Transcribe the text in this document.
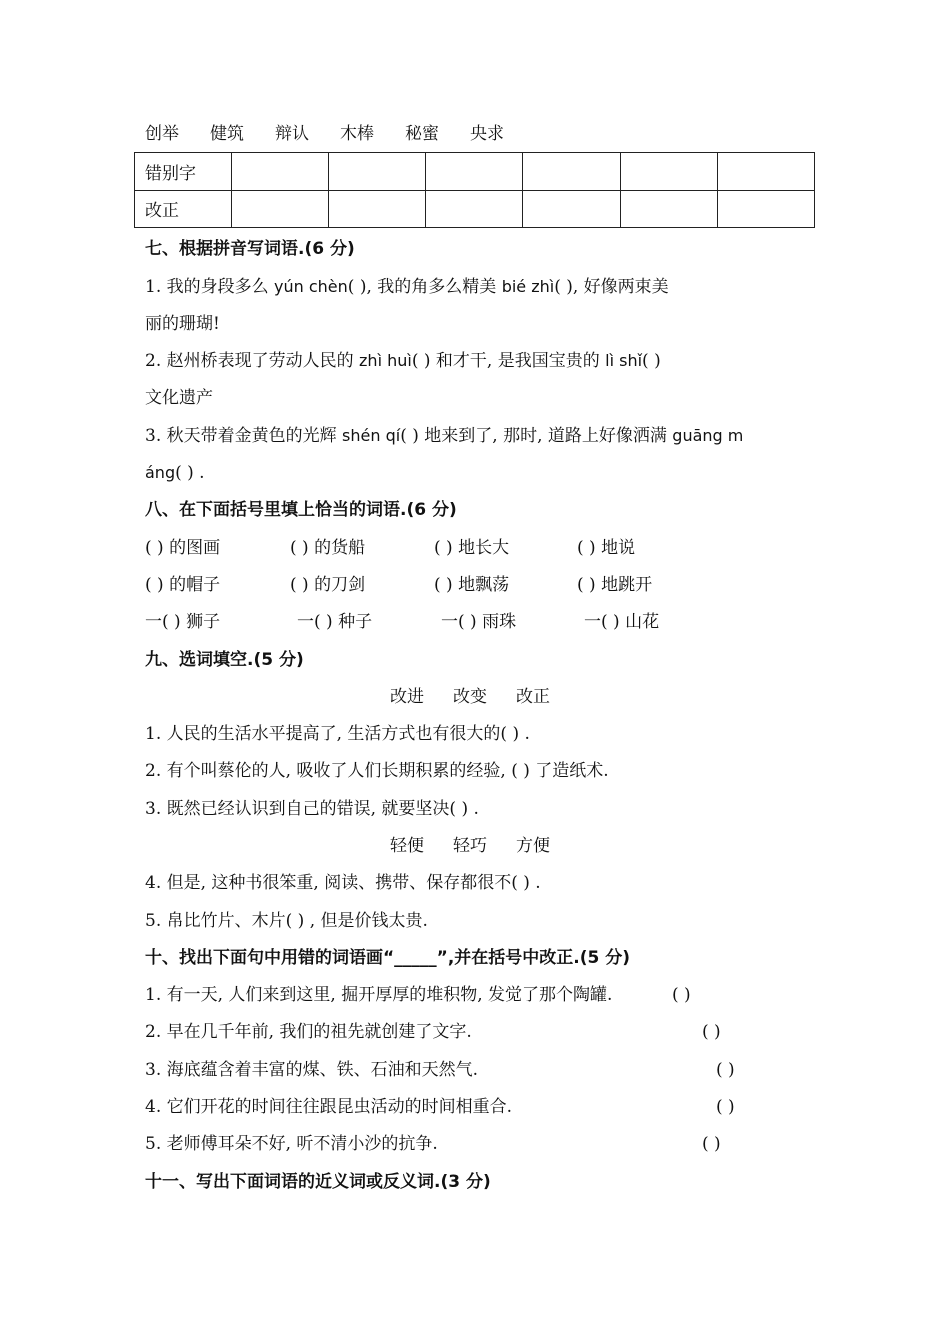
创举 健筑 辩认 木棒 秘蜜 央求
错别字						
改正						
七、根据拼音写词语.(6 分)
1. 我的身段多么 yún chèn( ), 我的角多么精美 bié zhì( ), 好像两束美
丽的珊瑚!
2. 赵州桥表现了劳动人民的 zhì huì( ) 和才干, 是我国宝贵的 lì shǐ( )
文化遗产
3. 秋天带着金黄色的光辉 shén qí( ) 地来到了, 那时, 道路上好像洒满 guāng m
áng( ) .
八、在下面括号里填上恰当的词语.(6 分)
( ) 的图画	( ) 的货船	( ) 地长大	( ) 地说
( ) 的帽子	( ) 的刀剑	( ) 地飘荡	( ) 地跳开
一( ) 狮子	一( ) 种子	一( ) 雨珠	一( ) 山花
九、选词填空.(5 分)
改进 改变 改正
1. 人民的生活水平提高了, 生活方式也有很大的( ) .
2. 有个叫蔡伦的人, 吸收了人们长期积累的经验, ( ) 了造纸术.
3. 既然已经认识到自己的错误, 就要坚决( ) .
轻便 轻巧 方便
4. 但是, 这种书很笨重, 阅读、携带、保存都很不( ) .
5. 帛比竹片、木片( ) , 但是价钱太贵.
十、找出下面句中用错的词语画“_____”,并在括号中改正.(5 分)
1. 有一天, 人们来到这里, 掘开厚厚的堆积物, 发觉了那个陶罐.	( )
2. 早在几千年前, 我们的祖先就创建了文字.	( )
3. 海底蕴含着丰富的煤、铁、石油和天然气.	( )
4. 它们开花的时间往往跟昆虫活动的时间相重合.	( )
5. 老师傅耳朵不好, 听不清小沙的抗争.	( )
十一、写出下面词语的近义词或反义词.(3 分)
